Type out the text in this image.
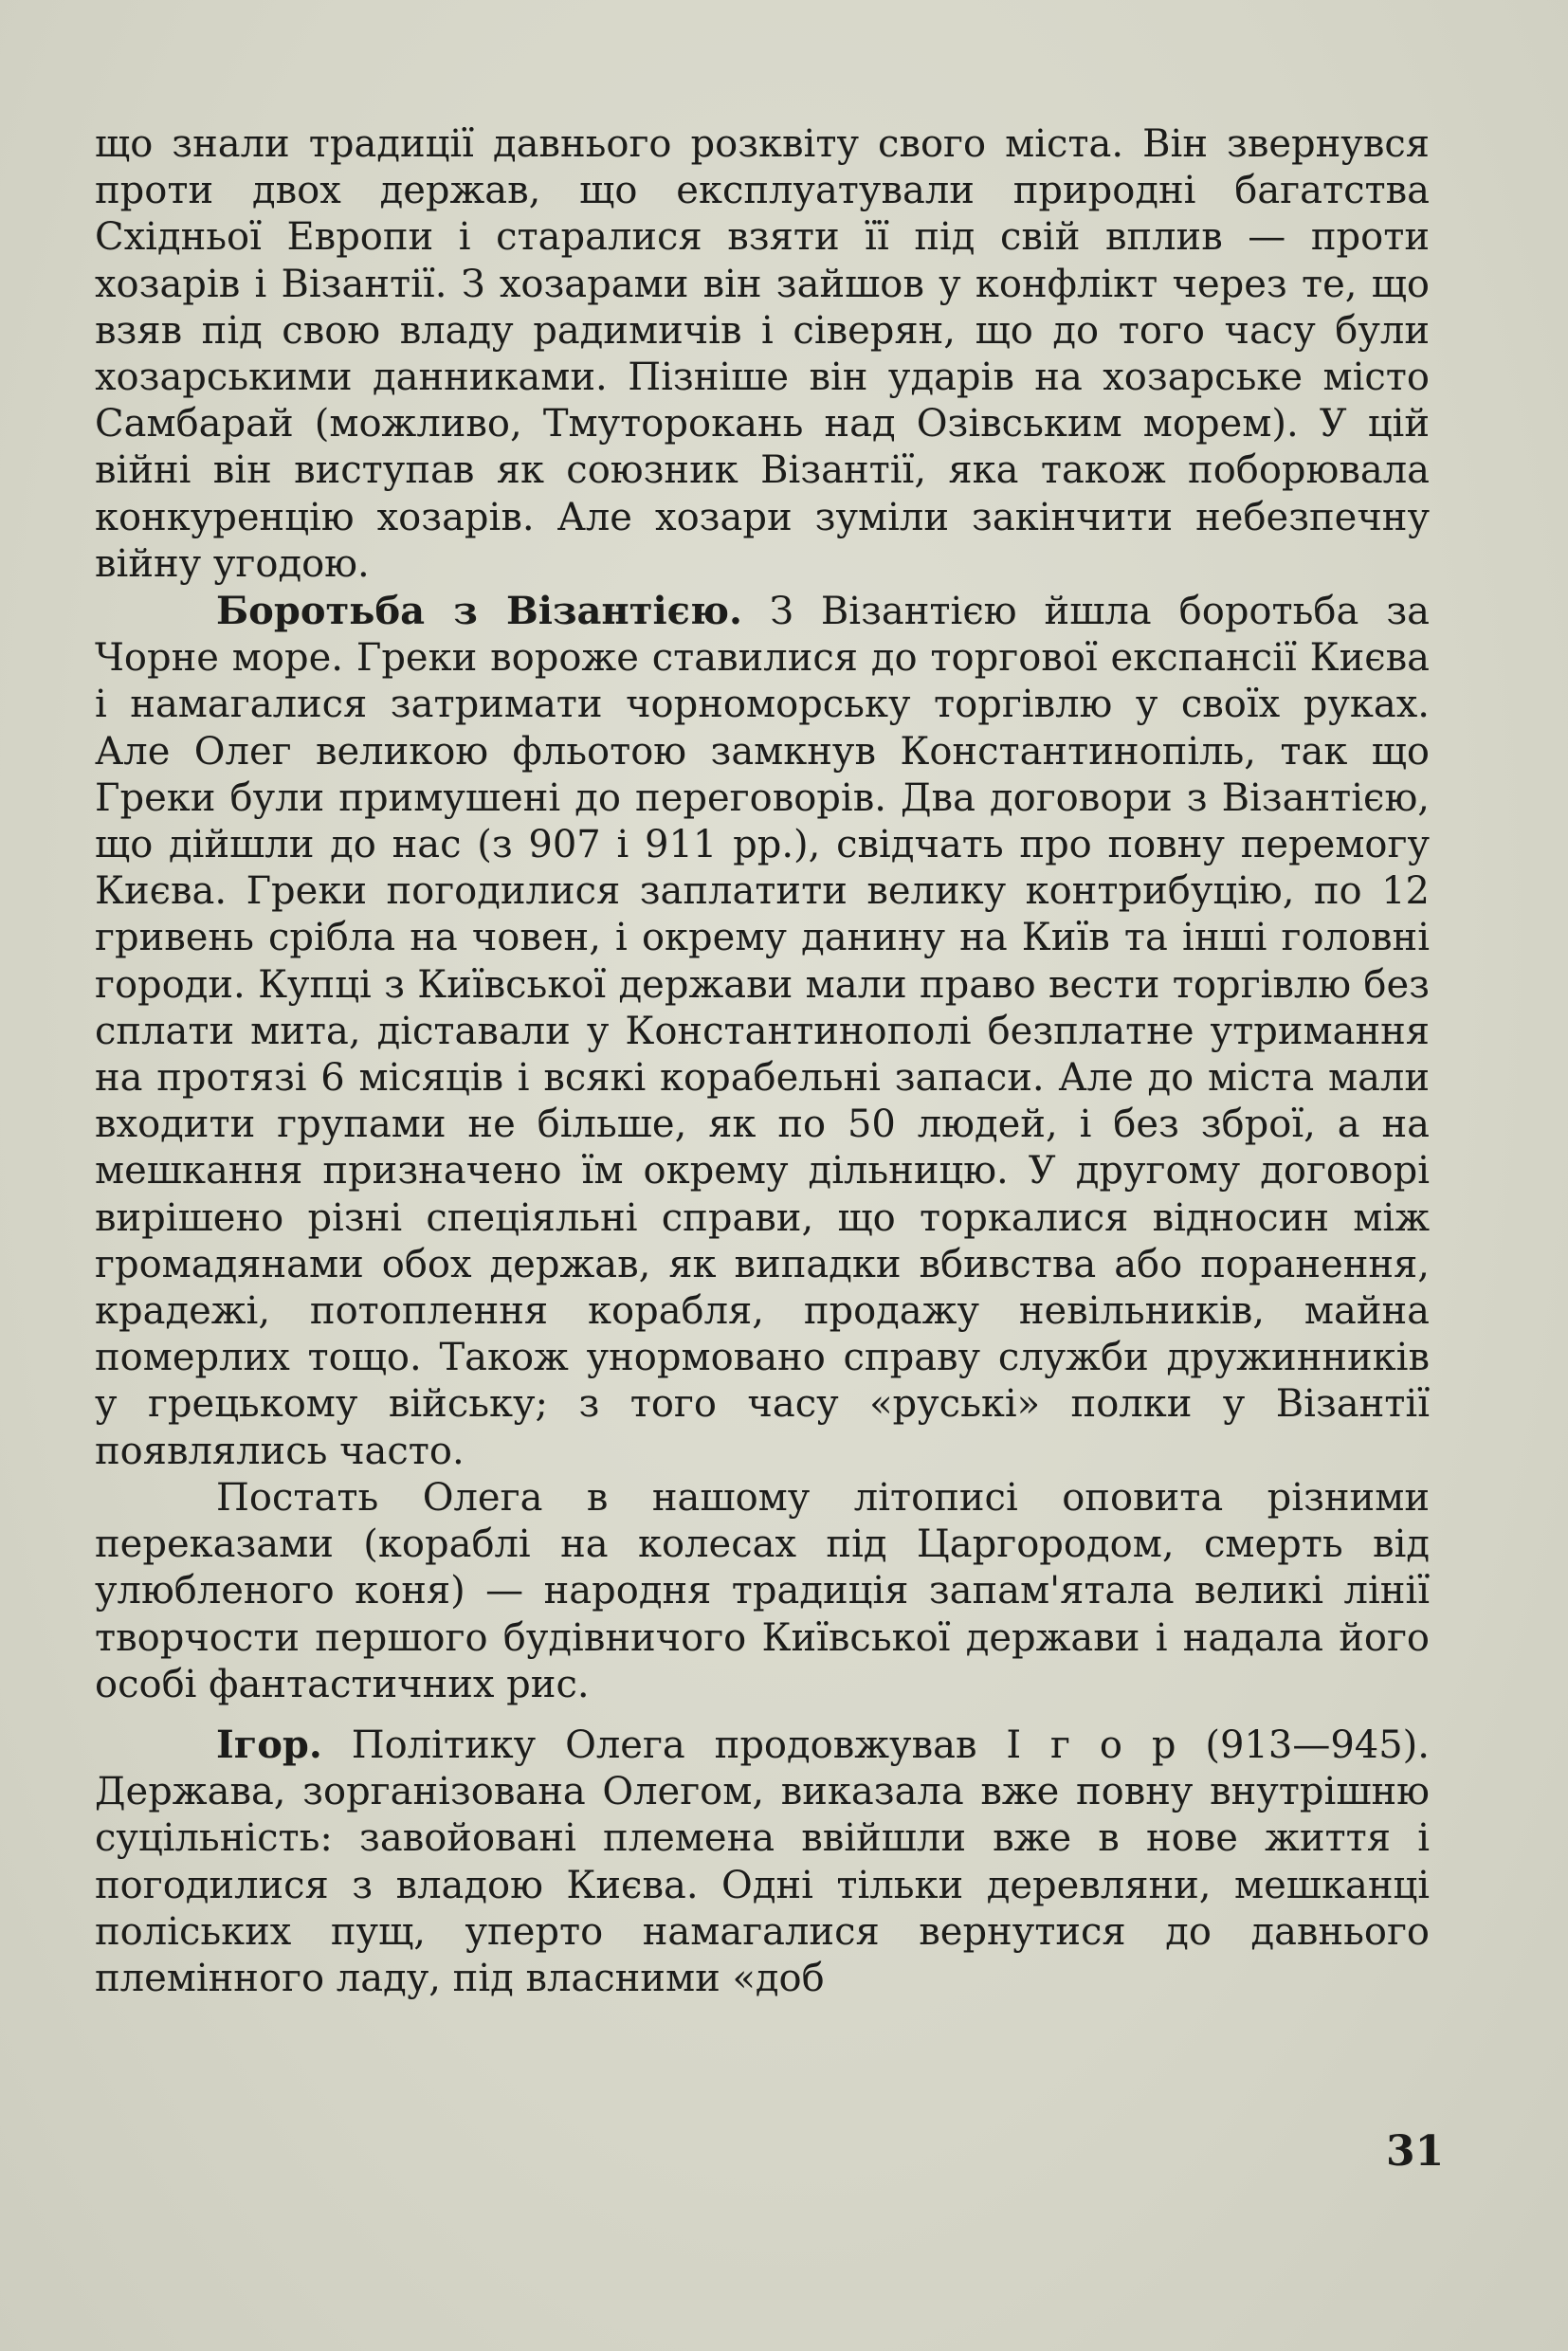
що знали традиції давнього розквіту свого міста. Він звернувся проти двох держав, що експлуатували природні багатства Східньої Европи і старалися взяти її під свій вплив — проти хозарів і Візантії. З хозарами він зайшов у конфлікт через те, що взяв під свою владу радимичів і сіверян, що до того часу були хозарськими данниками. Пізніше він ударів на хозарське місто Самбарай (можливо, Тмуторокань над Озівським морем). У цій війні він виступав як союзник Візантії, яка також поборювала конкуренцію хозарів. Але хозари зуміли закінчити небезпечну війну угодою.

Боротьба з Візантією. З Візантією йшла боротьба за Чорне море. Греки вороже ставилися до торгової експансії Києва і намагалися затримати чорноморську торгівлю у своїх руках. Але Олег великою фльотою замкнув Константинопіль, так що Греки були примушені до переговорів. Два договори з Візантією, що дійшли до нас (з 907 і 911 рр.), свідчать про повну перемогу Києва. Греки погодилися заплатити велику контрибуцію, по 12 гривень срібла на човен, і окрему данину на Київ та інші головні городи. Купці з Київської держави мали право вести торгівлю без сплати мита, діставали у Константинополі безплатне утримання на протязі 6 місяців і всякі корабельні запаси. Але до міста мали входити групами не більше, як по 50 людей, і без зброї, а на мешкання призначено їм окрему дільницю. У другому договорі вирішено різні спеціяльні справи, що торкалися відносин між громадянами обох держав, як випадки вбивства або поранення, крадежі, потоплення корабля, продажу невільників, майна померлих тощо. Також унормовано справу служби дружинників у грецькому війську; з того часу «руські» полки у Візантії появлялись часто.

Постать Олега в нашому літописі оповита різними переказами (кораблі на колесах під Царгородом, смерть від улюбленого коня) — народня традиція запам'ятала великі лінії творчости першого будівничого Київської держави і надала його особі фантастичних рис.

Ігор. Політику Олега продовжував І г о р (913—945). Держава, зорганізована Олегом, виказала вже повну внутрішню суцільність: завойовані племена ввійшли вже в нове життя і погодилися з владою Києва. Одні тільки деревляни, мешканці поліських пущ, уперто намагалися вернутися до давнього племінного ладу, під власними «доб

31
